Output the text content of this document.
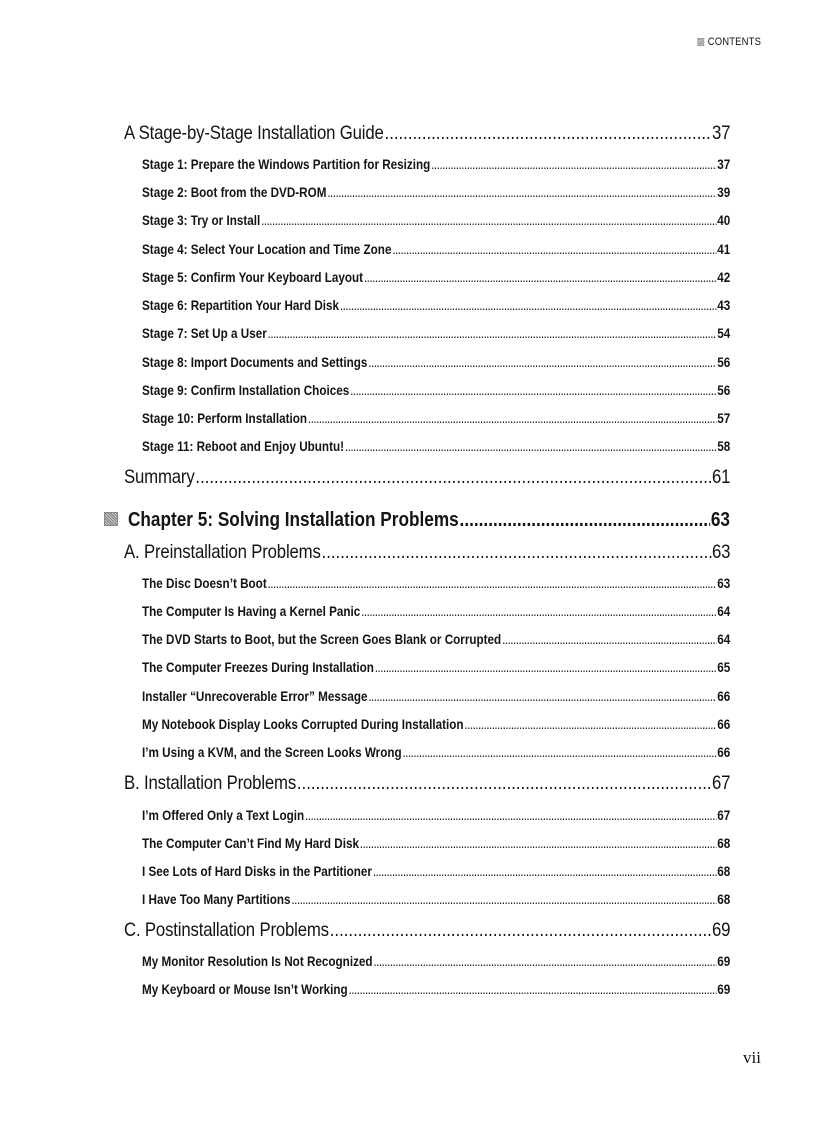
CONTENTS
A Stage-by-Stage Installation Guide .....	37
Stage 1: Prepare the Windows Partition for Resizing .....	37
Stage 2: Boot from the DVD-ROM .....	39
Stage 3: Try or Install .....	40
Stage 4: Select Your Location and Time Zone .....	41
Stage 5: Confirm Your Keyboard Layout .....	42
Stage 6: Repartition Your Hard Disk .....	43
Stage 7: Set Up a User .....	54
Stage 8: Import Documents and Settings .....	56
Stage 9: Confirm Installation Choices .....	56
Stage 10: Perform Installation .....	57
Stage 11: Reboot and Enjoy Ubuntu! .....	58
Summary .....	61
Chapter 5: Solving Installation Problems .....	63
A. Preinstallation Problems .....	63
The Disc Doesn’t Boot .....	63
The Computer Is Having a Kernel Panic .....	64
The DVD Starts to Boot, but the Screen Goes Blank or Corrupted .....	64
The Computer Freezes During Installation .....	65
Installer “Unrecoverable Error” Message .....	66
My Notebook Display Looks Corrupted During Installation .....	66
I’m Using a KVM, and the Screen Looks Wrong .....	66
B. Installation Problems .....	67
I’m Offered Only a Text Login .....	67
The Computer Can’t Find My Hard Disk .....	68
I See Lots of Hard Disks in the Partitioner .....	68
I Have Too Many Partitions .....	68
C. Postinstallation Problems .....	69
My Monitor Resolution Is Not Recognized .....	69
My Keyboard or Mouse Isn’t Working .....	69
vii
